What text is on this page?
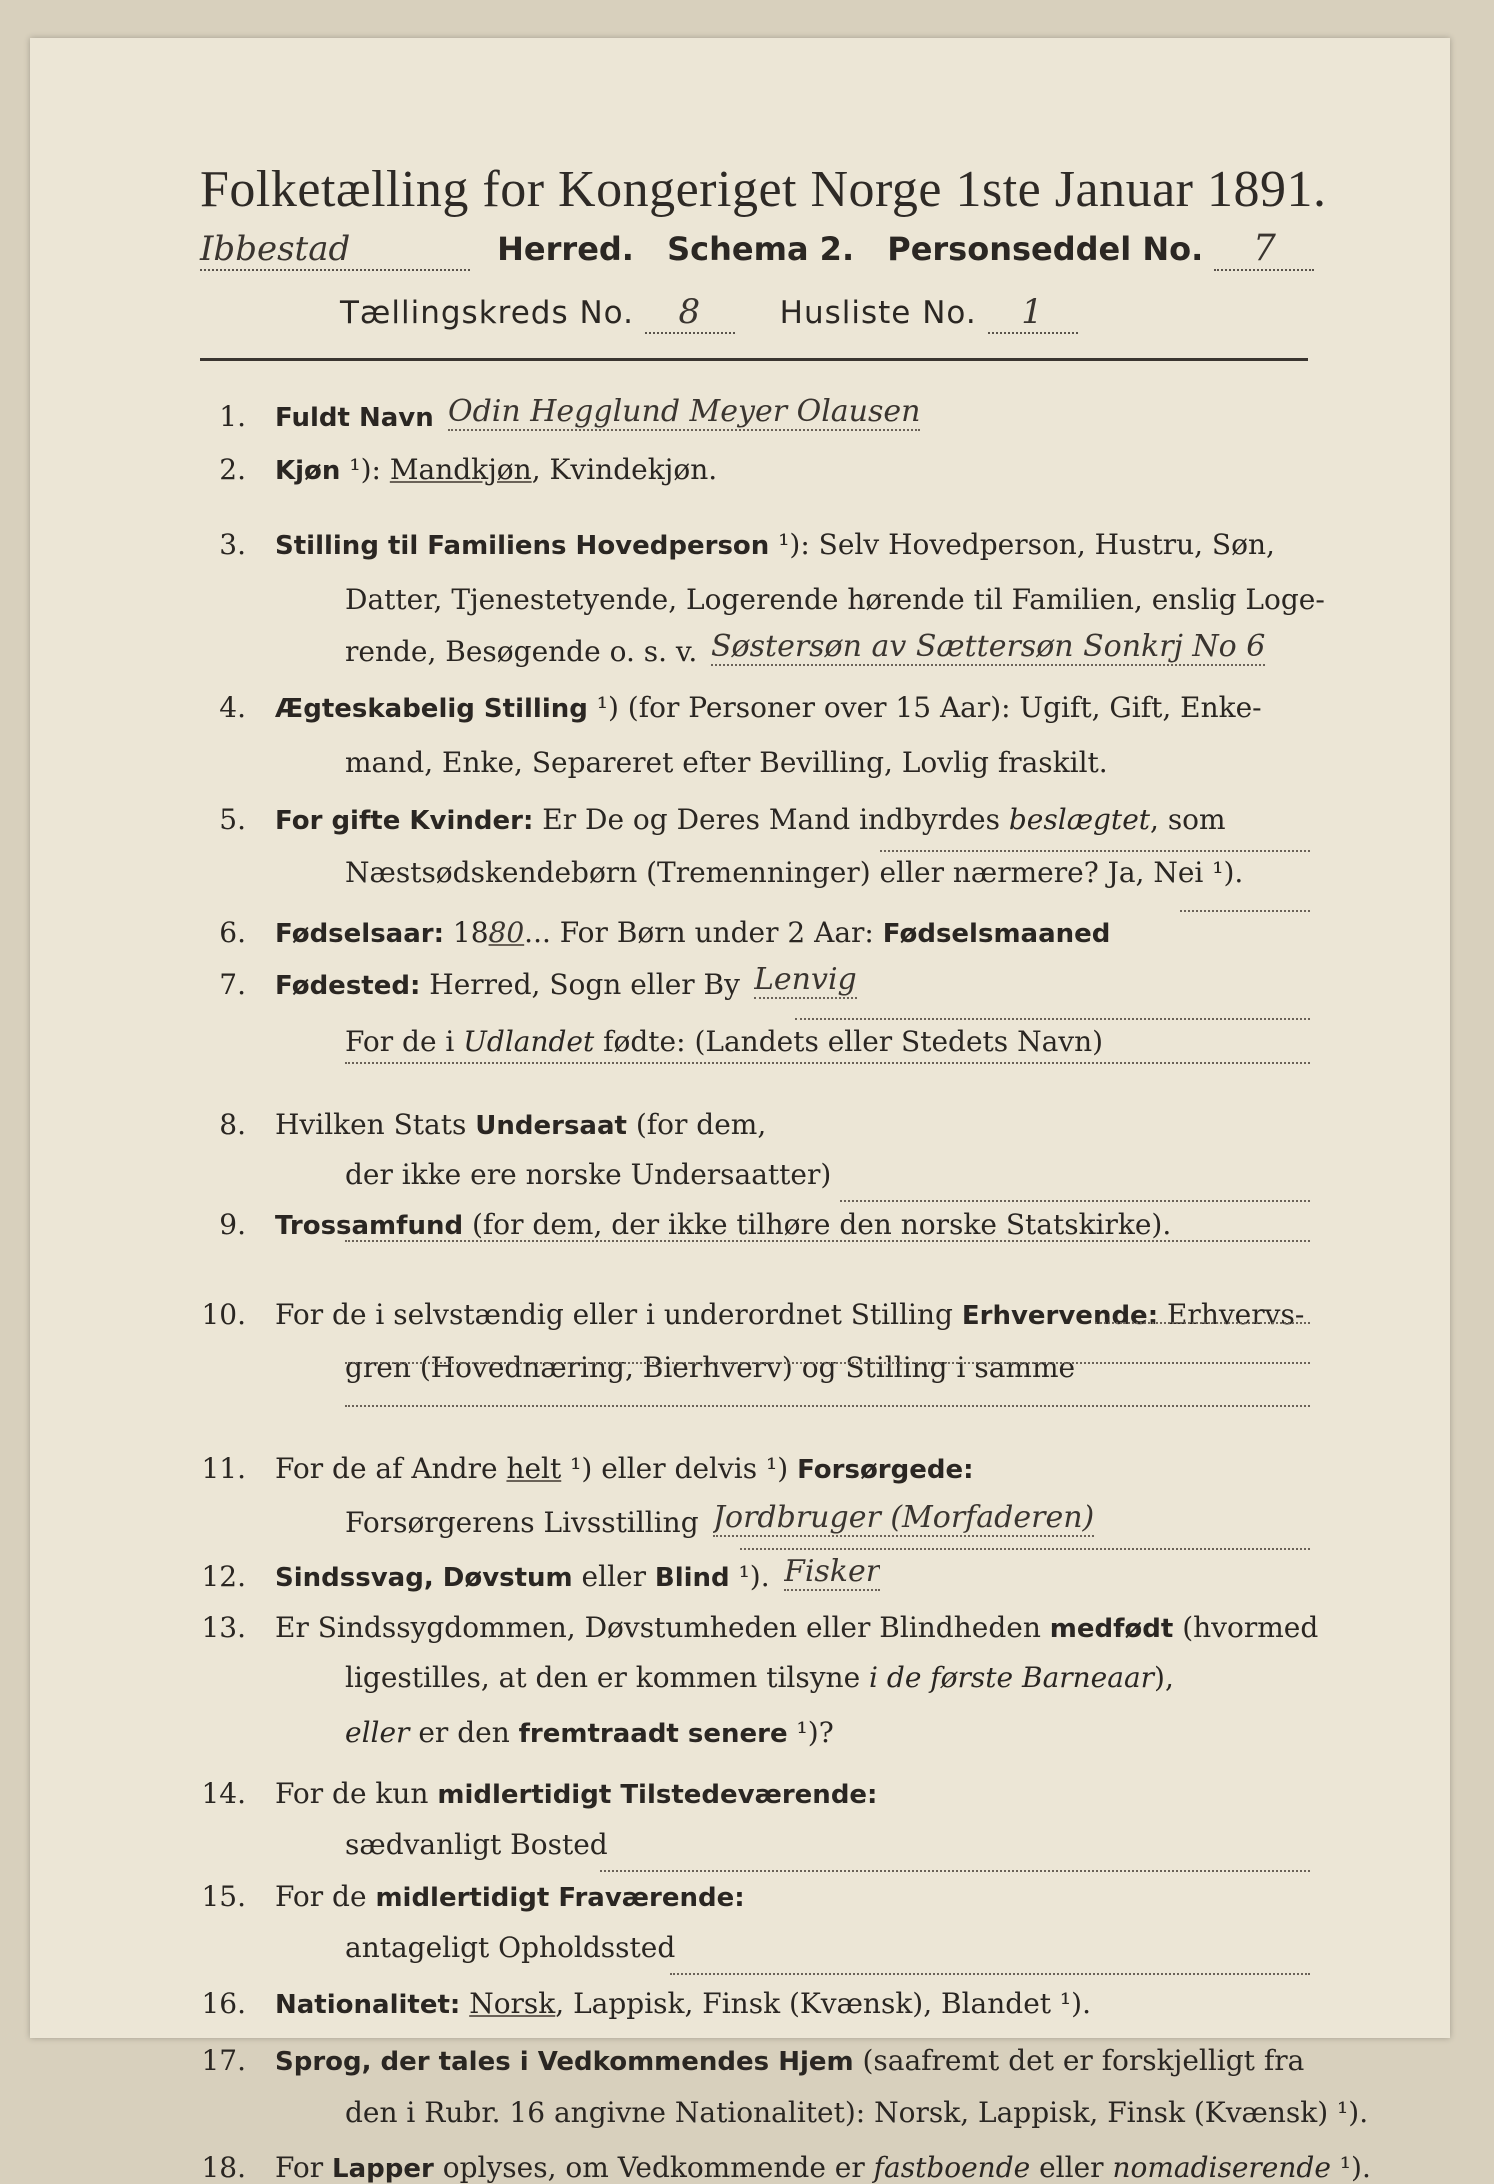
Folketælling for Kongeriget Norge 1ste Januar 1891.
Ibbestad	Herred. Schema 2. Personseddel No. 7
Tællingskreds No. 8	Husliste No. 1
1. Fuldt Navn Odin Hegglund Meyer Olausen
2. Kjøn ¹): Mandkjøn, Kvindekjøn.
3. Stilling til Familiens Hovedperson ¹): Selv Hovedperson, Hustru, Søn,
Datter, Tjenestetyende, Logerende hørende til Familien, enslig Loge-
rende, Besøgende o. s. v. Søstersøn av Sættersøn Sonkrj No 6
4. Ægteskabelig Stilling ¹) (for Personer over 15 Aar): Ugift, Gift, Enke-
mand, Enke, Separeret efter Bevilling, Lovlig fraskilt.
5. For gifte Kvinder: Er De og Deres Mand indbyrdes beslægtet, som
Næstsødskendebørn (Tremenninger) eller nærmere? Ja, Nei ¹).
6. Fødselsaar: 1880... For Børn under 2 Aar: Fødselsmaaned
7. Fødested: Herred, Sogn eller By Lenvig
For de i Udlandet fødte: (Landets eller Stedets Navn)
8. Hvilken Stats Undersaat (for dem,
der ikke ere norske Undersaatter)
9. Trossamfund (for dem, der ikke tilhøre den norske Statskirke).
10. For de i selvstændig eller i underordnet Stilling Erhvervende: Erhvervs-
gren (Hovednæring, Bierhverv) og Stilling i samme
11. For de af Andre helt ¹) eller delvis ¹) Forsørgede:
Forsørgerens Livsstilling Jordbruger (Morfaderen)
12. Sindssvag, Døvstum eller Blind ¹). Fisker
13. Er Sindssygdommen, Døvstumheden eller Blindheden medfødt (hvormed
ligestilles, at den er kommen tilsyne i de første Barneaar),
eller er den fremtraadt senere ¹)?
14. For de kun midlertidigt Tilstedeværende:
sædvanligt Bosted
15. For de midlertidigt Fraværende:
antageligt Opholdssted
16. Nationalitet: Norsk, Lappisk, Finsk (Kvænsk), Blandet ¹).
17. Sprog, der tales i Vedkommendes Hjem (saafremt det er forskjelligt fra
den i Rubr. 16 angivne Nationalitet): Norsk, Lappisk, Finsk (Kvænsk) ¹).
18. For Lapper oplyses, om Vedkommende er fastboende eller nomadiserende ¹).
